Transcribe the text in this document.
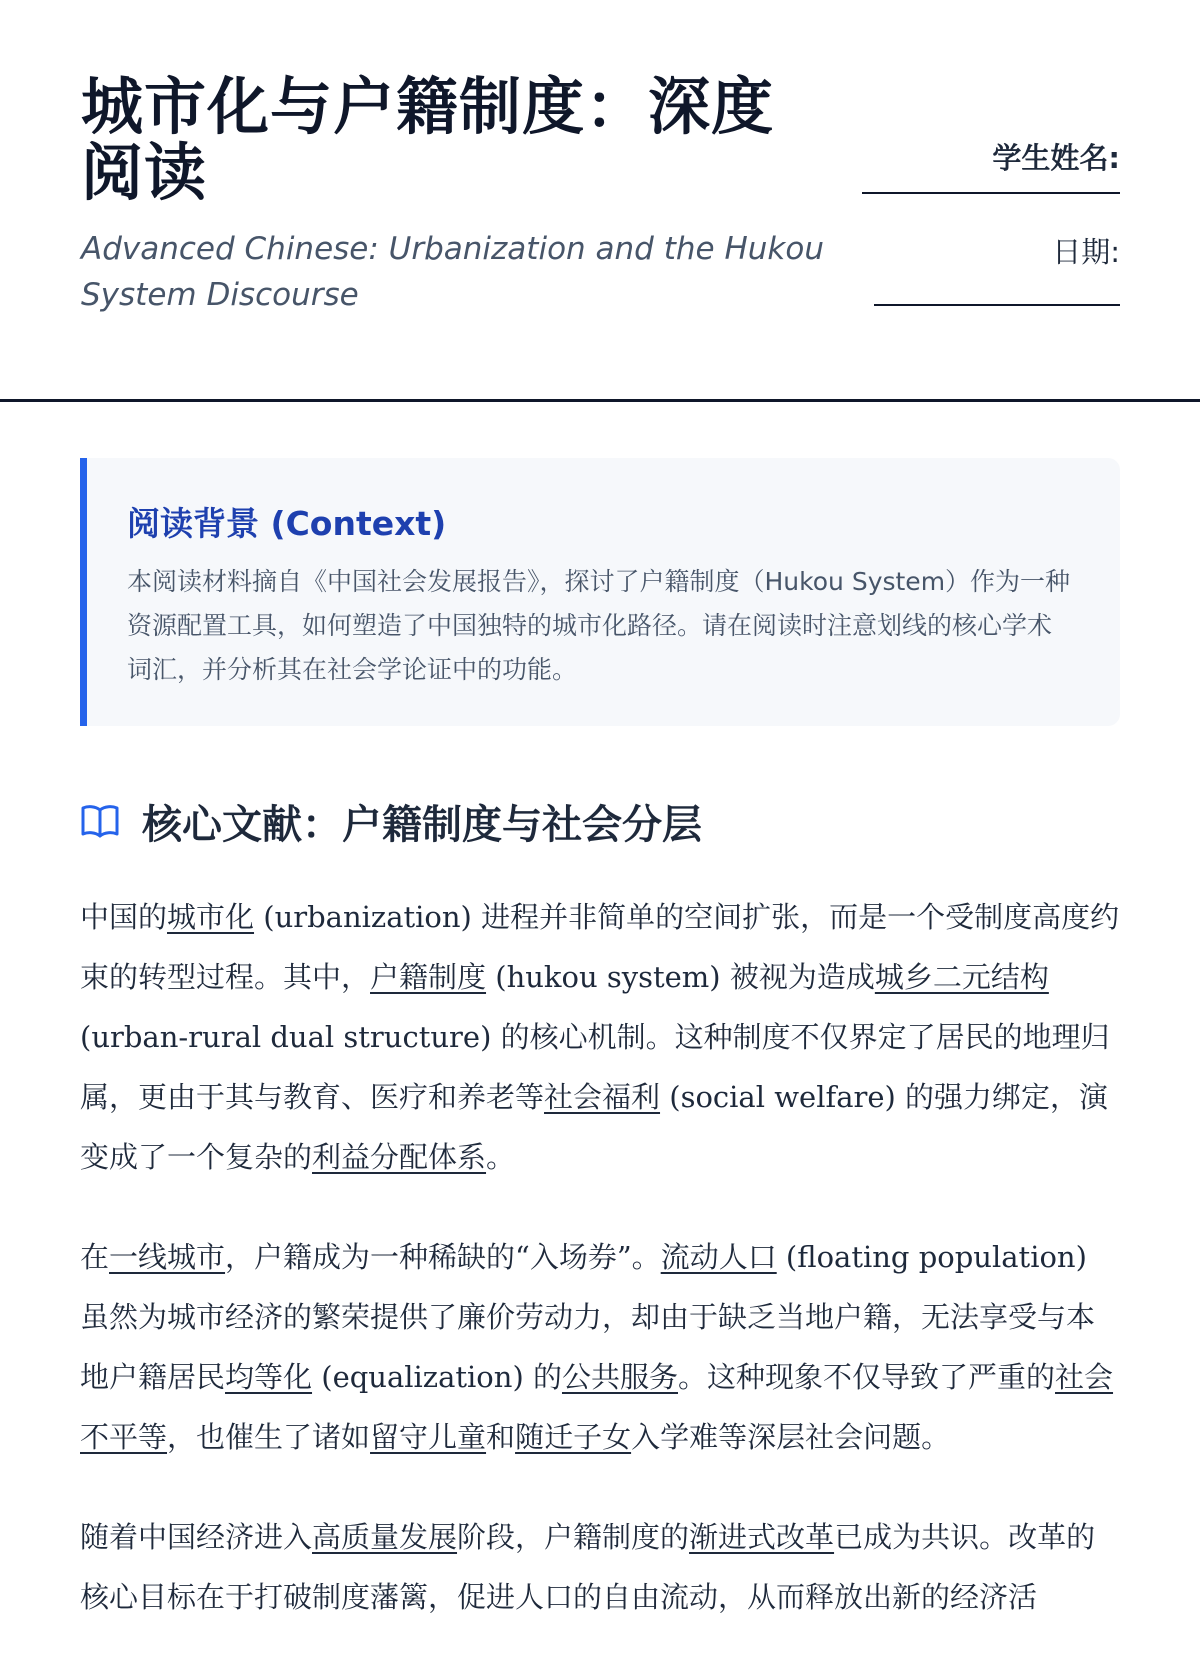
城市化与户籍制度：深度阅读

Advanced Chinese: Urbanization and the Hukou System Discourse

学生姓名:
日期:
阅读背景 (Context)

本阅读材料摘自《中国社会发展报告》，探讨了户籍制度（Hukou System）作为一种资源配置工具，如何塑造了中国独特的城市化路径。请在阅读时注意划线的核心学术词汇，并分析其在社会学论证中的功能。

核心文献：户籍制度与社会分层

中国的城市化 (urbanization) 进程并非简单的空间扩张，而是一个受制度高度约束的转型过程。其中，户籍制度 (hukou system) 被视为造成城乡二元结构 (urban-rural dual structure) 的核心机制。这种制度不仅界定了居民的地理归属，更由于其与教育、医疗和养老等社会福利 (social welfare) 的强力绑定，演变成了一个复杂的利益分配体系。

在一线城市，户籍成为一种稀缺的“入场券”。流动人口 (floating population) 虽然为城市经济的繁荣提供了廉价劳动力，却由于缺乏当地户籍，无法享受与本地户籍居民均等化 (equalization) 的公共服务。这种现象不仅导致了严重的社会不平等，也催生了诸如留守儿童和随迁子女入学难等深层社会问题。

随着中国经济进入高质量发展阶段，户籍制度的渐进式改革已成为共识。改革的核心目标在于打破制度藩篱，促进人口的自由流动，从而释放出新的经济活
